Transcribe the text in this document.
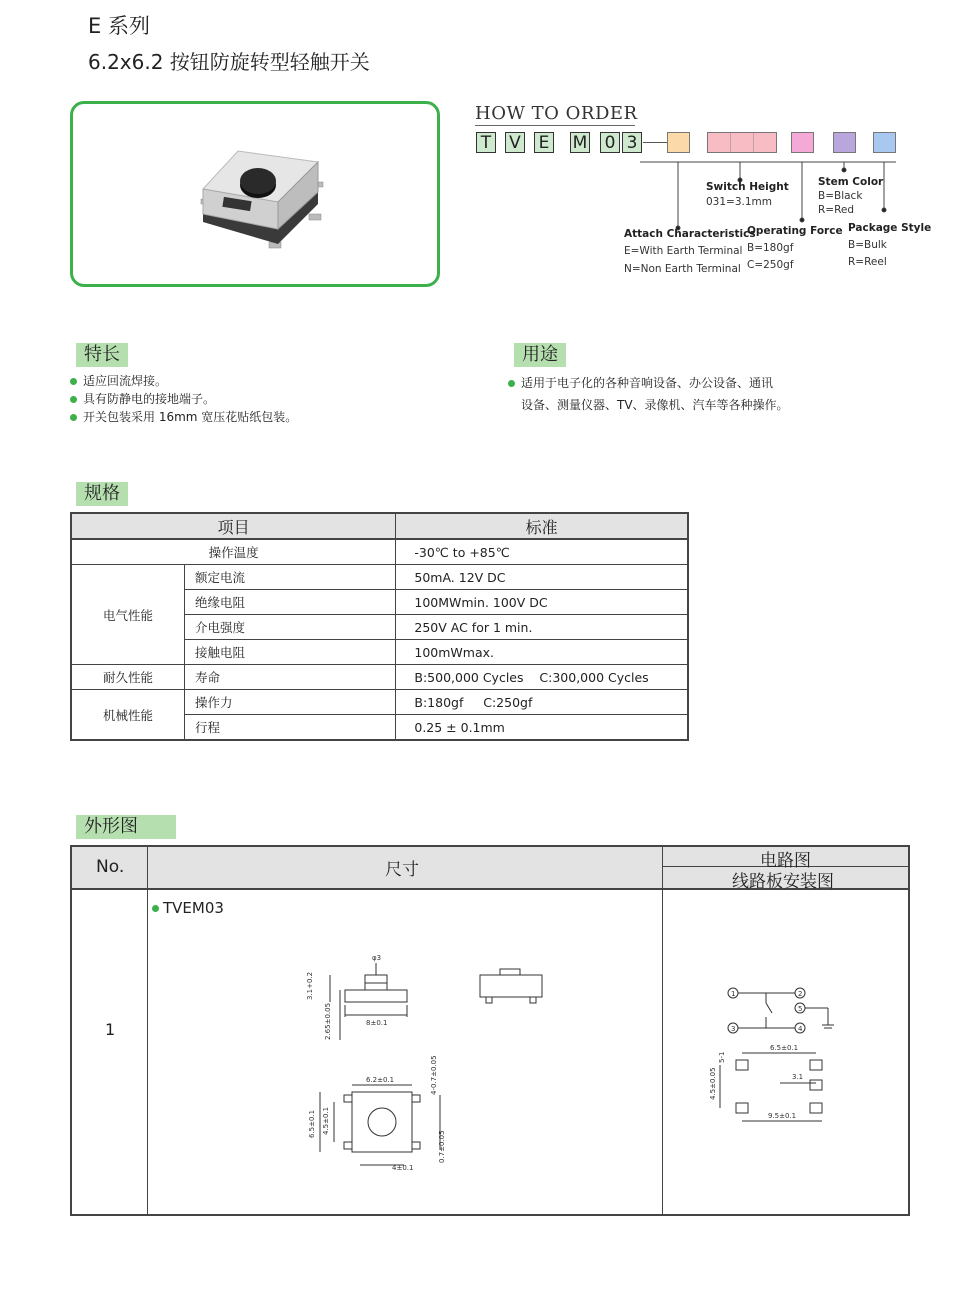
E 系列
6.2x6.2 按钮防旋转型轻触开关
HOW TO ORDER
T V E M 0 3
Switch Height
031=3.1mm
Stem Color
B=Black
R=Red
Attach Characteristics
E=With Earth Terminal
N=Non Earth Terminal
Operating Force
B=180gf
C=250gf
Package Style
B=Bulk
R=Reel
特长
适应回流焊接。
具有防静电的接地端子。
开关包装采用 16mm 宽压花贴纸包装。
用途
适用于电子化的各种音响设备、办公设备、通讯
设备、测量仪器、TV、录像机、汽车等各种操作。
规格
项目		标准
操作温度		-30℃ to +85℃
电气性能	额定电流	50mA. 12V DC
	绝缘电阻	100MWmin. 100V DC
	介电强度	250V AC for 1 min.
	接触电阻	100mWmax.
耐久性能	寿命	B:500,000 Cycles    C:300,000 Cycles
机械性能	操作力	B:180gf     C:250gf
	行程	0.25 ± 0.1mm
外形图
No.	尺寸	电路图
线路板安装图
1
TVEM03
φ3
3.1+0.2
2.65±0.05	8±0.1
6.2±0.1
4±0.1
6.5±0.1 4.5±0.1
4-0.7±0.05
0.7±0.05
1	2
3	4
5
6.5±0.1
4.5±0.05
5-1
3.1
9.5±0.1
